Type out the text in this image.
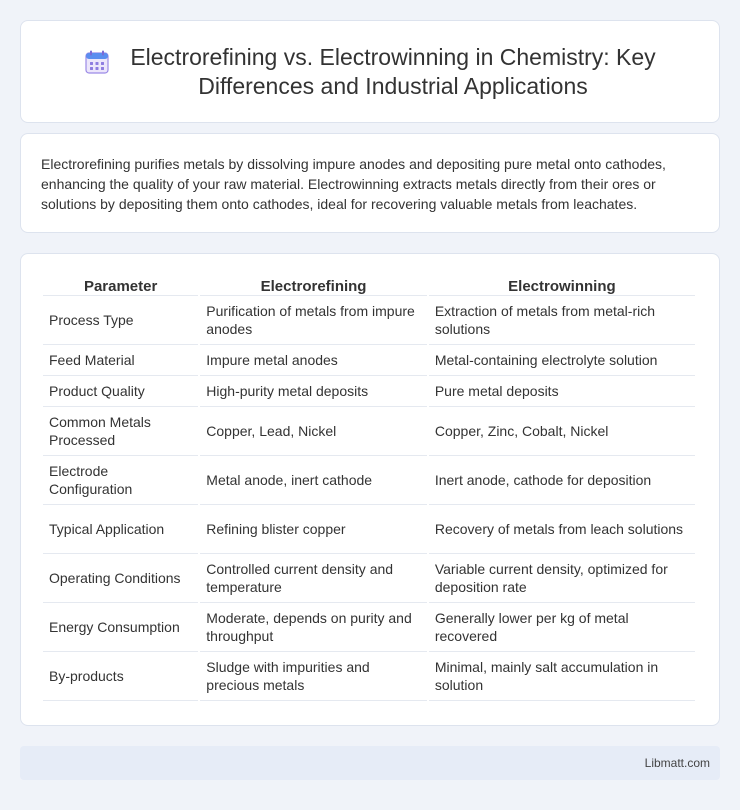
Electrorefining vs. Electrowinning in Chemistry: Key
Differences and Industrial Applications

Electrorefining purifies metals by dissolving impure anodes and depositing pure metal onto cathodes, enhancing the quality of your raw material. Electrowinning extracts metals directly from their ores or solutions by depositing them onto cathodes, ideal for recovering valuable metals from leachates.

Parameter	Electrorefining	Electrowinning
Process Type	Purification of metals from impure anodes	Extraction of metals from metal-rich solutions
Feed Material	Impure metal anodes	Metal-containing electrolyte solution
Product Quality	High-purity metal deposits	Pure metal deposits
Common Metals Processed	Copper, Lead, Nickel	Copper, Zinc, Cobalt, Nickel
Electrode Configuration	Metal anode, inert cathode	Inert anode, cathode for deposition
Typical Application	Refining blister copper	Recovery of metals from leach solutions
Operating Conditions	Controlled current density and temperature	Variable current density, optimized for deposition rate
Energy Consumption	Moderate, depends on purity and throughput	Generally lower per kg of metal recovered
By-products	Sludge with impurities and precious metals	Minimal, mainly salt accumulation in solution
Libmatt.com
